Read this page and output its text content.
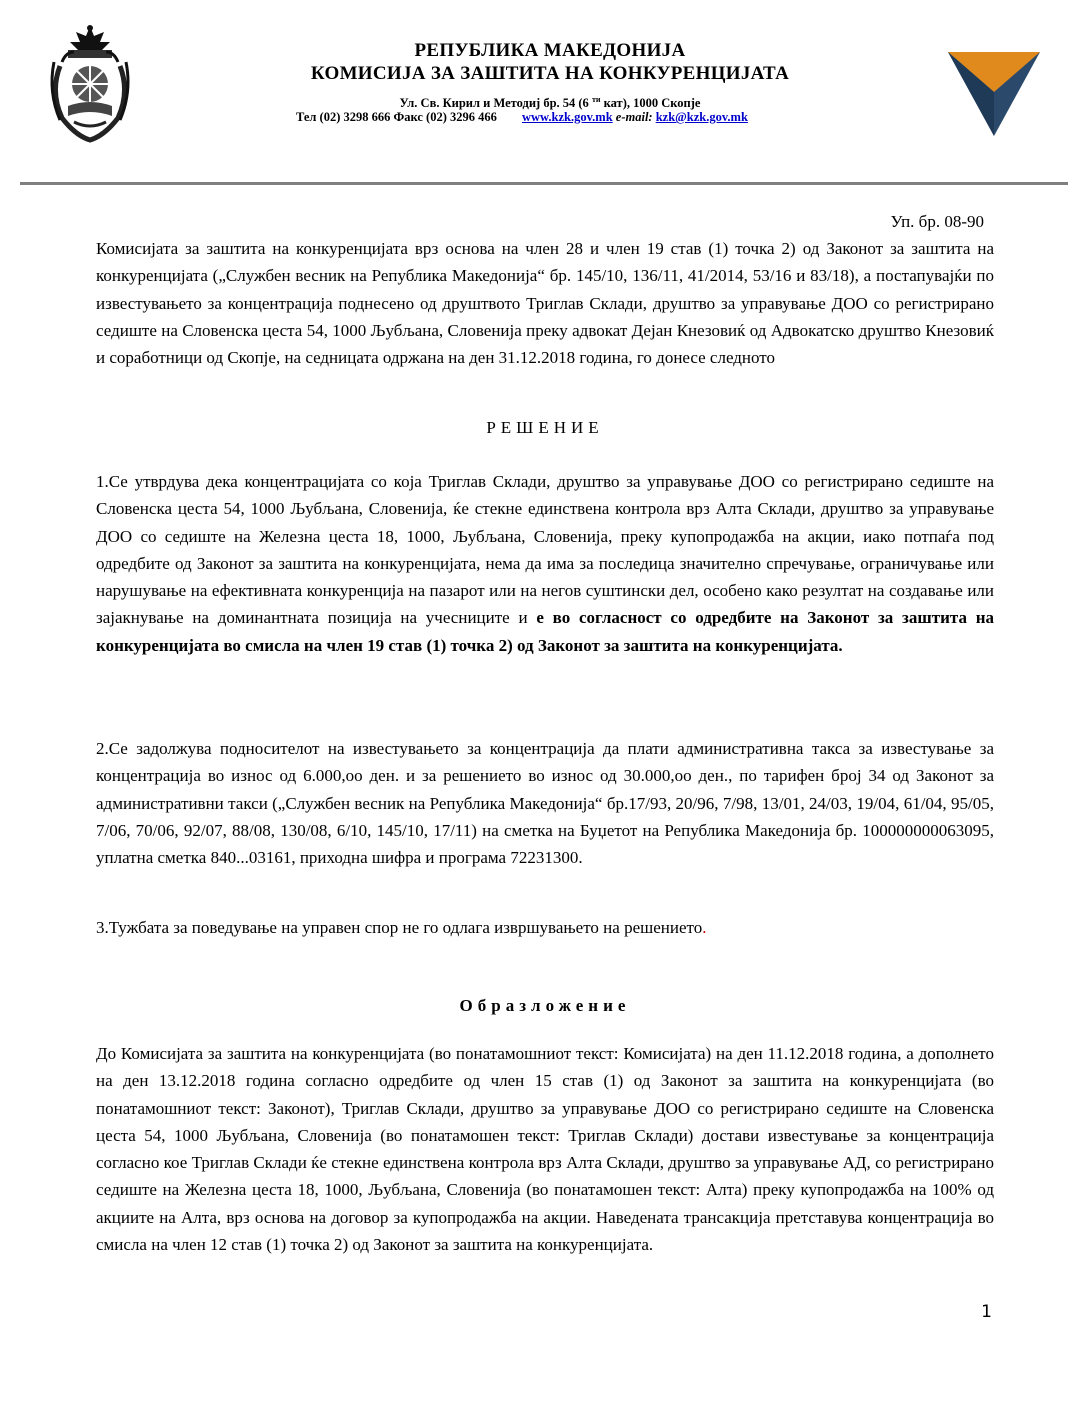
РЕПУБЛИКА МАКЕДОНИЈА
КОМИСИЈА ЗА ЗАШТИТА НА КОНКУРЕНЦИЈАТА
Ул. Св. Кирил и Методиј бр. 54 (6 $^{ти}$ кат), 1000 Скопје
Тел (02) 3298 666 Факс (02) 3296 466 www.kzk.gov.mk e-mail: kzk@kzk.gov.mk
Уп. бр. 08-90
Комисијата за заштита на конкуренцијата врз основа на член 28 и член 19 став (1) точка 2) од Законот за заштита на конкуренцијата („Службен весник на Република Македонија“ бр. 145/10, 136/11, 41/2014, 53/16 и 83/18), а постапувајќи по известувањето за концентрација поднесено од друштвото Триглав Склади, друштво за управување ДОО со регистрирано седиште на Словенска цеста 54, 1000 Љубљана, Словенија преку адвокат Дејан Кнезовиќ од Адвокатско друштво Кнезовиќ и соработници од Скопје, на седницата одржана на ден 31.12.2018 година, го донесе следното
РЕШЕНИЕ
1.Се утврдува дека концентрацијата со која Триглав Склади, друштво за управување ДОО со регистрирано седиште на Словенска цеста 54, 1000 Љубљана, Словенија, ќе стекне единствена контрола врз Алта Склади, друштво за управување ДОО со седиште на Железна цеста 18, 1000, Љубљана, Словенија, преку купопродажба на акции, иако потпаѓа под одредбите од Законот за заштита на конкуренцијата, нема да има за последица значително спречување, ограничување или нарушување на ефективната конкуренција на пазарот или на негов суштински дел, особено како резултат на создавање или зајакнување на доминантната позиција на учесниците и е во согласност со одредбите на Законот за заштита на конкуренцијата во смисла на член 19 став (1) точка 2) од Законот за заштита на конкуренцијата.
2.Се задолжува подносителот на известувањето за концентрација да плати административна такса за известување за концентрација во износ од 6.000,оо ден. и за решението во износ од 30.000,оо ден., по тарифен број 34 од Законот за административни такси („Службен весник на Република Македонија“ бр.17/93, 20/96, 7/98, 13/01, 24/03, 19/04, 61/04, 95/05, 7/06, 70/06, 92/07, 88/08, 130/08, 6/10, 145/10, 17/11) на сметка на Буџетот на Република Македонија бр. 100000000063095, уплатна сметка 840...03161, приходна шифра и програма 72231300.
3.Тужбата за поведување на управен спор не го одлага извршувањето на решението.
Образложение
До Комисијата за заштита на конкуренцијата (во понатамошниот текст: Комисијата) на ден 11.12.2018 година, а дополнето на ден 13.12.2018 година согласно одредбите од член 15 став (1) од Законот за заштита на конкуренцијата (во понатамошниот текст: Законот), Триглав Склади, друштво за управување ДОО со регистрирано седиште на Словенска цеста 54, 1000 Љубљана, Словенија (во понатамошен текст: Триглав Склади) достави известување за концентрација согласно кое Триглав Склади ќе стекне единствена контрола врз Алта Склади, друштво за управување АД, со регистрирано седиште на Железна цеста 18, 1000, Љубљана, Словенија (во понатамошен текст: Алта) преку купопродажба на 100% од акциите на Алта, врз основа на договор за купопродажба на акции. Наведената трансакција претставува концентрација во смисла на член 12 став (1) точка 2) од Законот за заштита на конкуренцијата.
1
